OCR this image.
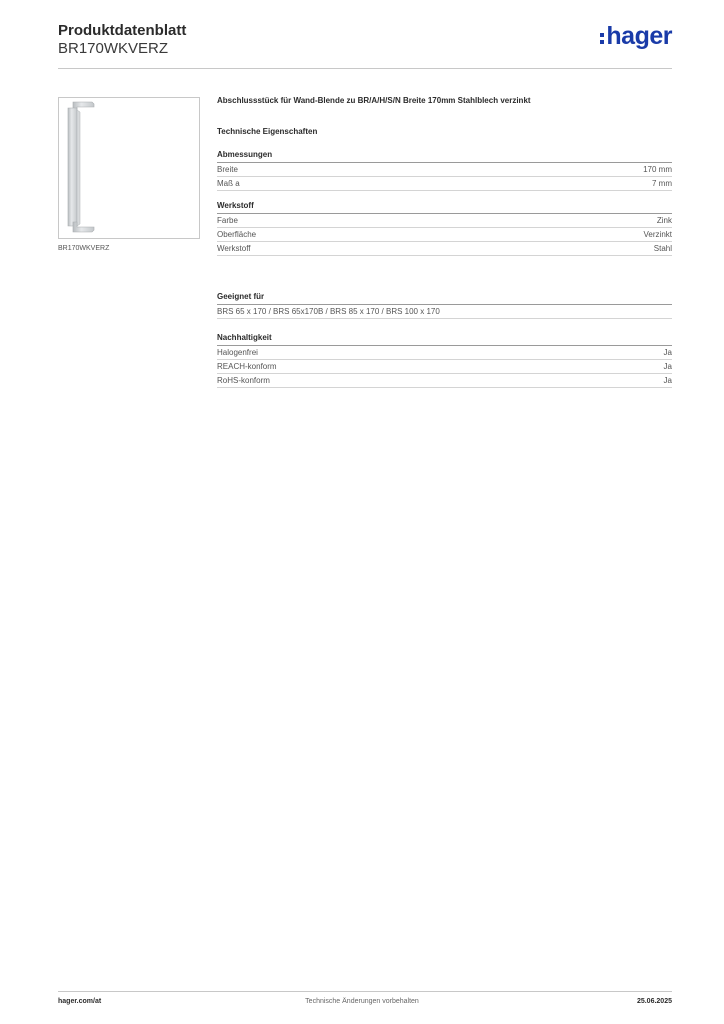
Produktdatenblatt
BR170WKVERZ	hager
BR170WKVERZ
Abschlussstück für Wand-Blende zu BR/A/H/S/N Breite 170mm Stahlblech verzinkt
Technische Eigenschaften
Abmessungen
Breite	170 mm
Maß a	7 mm
Werkstoff
Farbe	Zink
Oberfläche	Verzinkt
Werkstoff	Stahl
Geeignet für
BRS 65 x 170 / BRS 65x170B / BRS 85 x 170 / BRS 100 x 170
Nachhaltigkeit
Halogenfrei	Ja
REACH-konform	Ja
RoHS-konform	Ja
Technische Änderungen vorbehalten
hager.com/at	25.06.2025
